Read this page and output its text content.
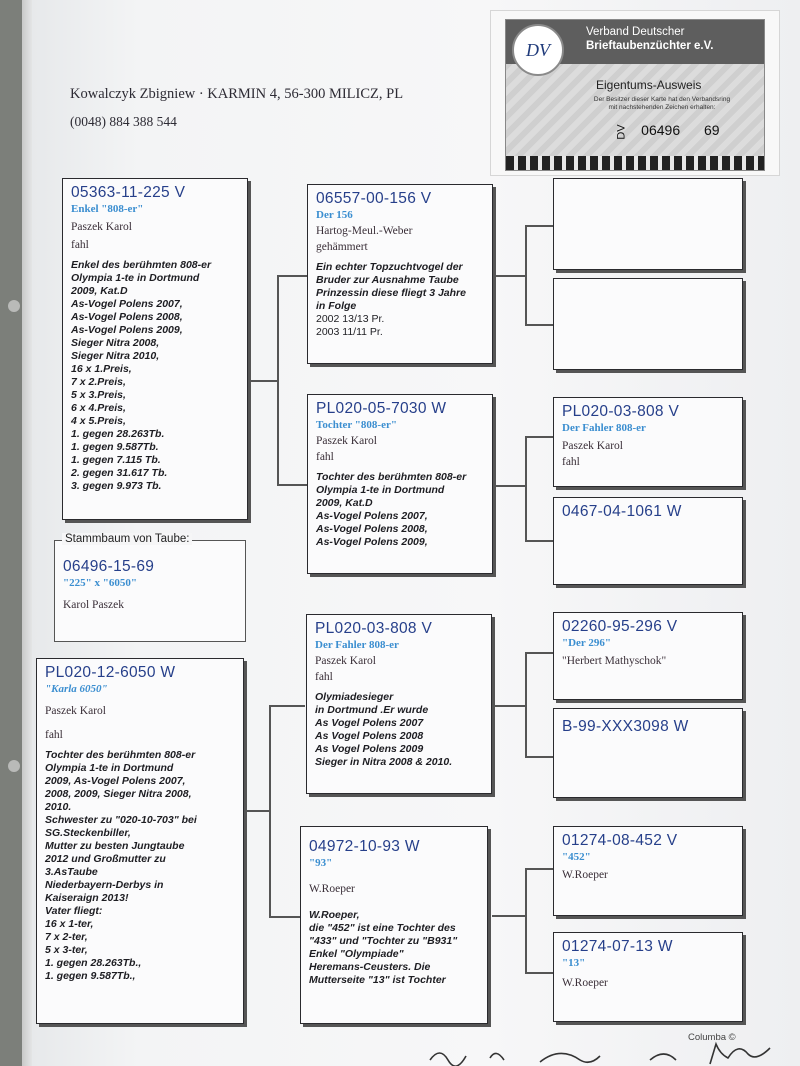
Kowalczyk Zbigniew · KARMIN 4, 56-300 MILICZ, PL
(0048) 884 388 544
DV
Verband Deutscher
Brieftaubenzüchter e.V.
Eigentums-Ausweis
Der Besitzer dieser Karte hat den Verbandsring
mit nachstehenden Zeichen erhalten:
DV 06496 69
05363-11-225 V
Enkel "808-er"
Paszek Karol
fahl
Enkel des berühmten 808-er
Olympia 1-te in Dortmund
2009, Kat.D
As-Vogel Polens 2007,
As-Vogel Polens 2008,
As-Vogel Polens 2009,
Sieger Nitra 2008,
Sieger Nitra 2010,
16 x 1.Preis,
7 x 2.Preis,
5 x 3.Preis,
6 x 4.Preis,
4 x 5.Preis,
1. gegen 28.263Tb.
1. gegen 9.587Tb.
1. gegen 7.115 Tb.
2. gegen 31.617 Tb.
3. gegen 9.973 Tb.
06496-15-69
"225" x "6050"
Karol Paszek
Stammbaum von Taube:
PL020-12-6050 W
"Karla 6050"
Paszek Karol
fahl
Tochter des berühmten 808-er
Olympia 1-te in Dortmund
2009, As-Vogel Polens 2007,
2008, 2009, Sieger Nitra 2008,
2010.
Schwester zu "020-10-703" bei
SG.Steckenbiller,
Mutter zu besten Jungtaube
2012 und Großmutter zu
3.AsTaube
Niederbayern-Derbys in
Kaiseraign 2013!
Vater fliegt:
16 x 1-ter,
7 x 2-ter,
5 x 3-ter,
1. gegen 28.263Tb.,
1. gegen 9.587Tb.,
06557-00-156 V
Der 156
Hartog-Meul.-Weber
gehämmert
Ein echter Topzuchtvogel der
Bruder zur Ausnahme Taube
Prinzessin diese fliegt 3 Jahre
in Folge
2002 13/13 Pr.
2003 11/11 Pr.
PL020-05-7030 W
Tochter "808-er"
Paszek Karol
fahl
Tochter des berühmten 808-er
Olympia 1-te in Dortmund
2009, Kat.D
As-Vogel Polens 2007,
As-Vogel Polens 2008,
As-Vogel Polens 2009,
PL020-03-808 V
Der Fahler 808-er
Paszek Karol
fahl
Olymiadesieger
in Dortmund .Er wurde
As Vogel Polens 2007
As Vogel Polens 2008
As Vogel Polens 2009
Sieger in Nitra 2008 & 2010.
04972-10-93 W
"93"
W.Roeper
W.Roeper,
die "452" ist eine Tochter des
"433" und "Tochter zu "B931"
Enkel "Olympiade"
Heremans-Ceusters. Die
Mutterseite "13" ist Tochter
PL020-03-808 V
Der Fahler 808-er
Paszek Karol
fahl
0467-04-1061 W
02260-95-296 V
"Der 296"
"Herbert Mathyschok"
B-99-XXX3098 W
01274-08-452 V
"452"
W.Roeper
01274-07-13 W
"13"
W.Roeper
Columba ©
